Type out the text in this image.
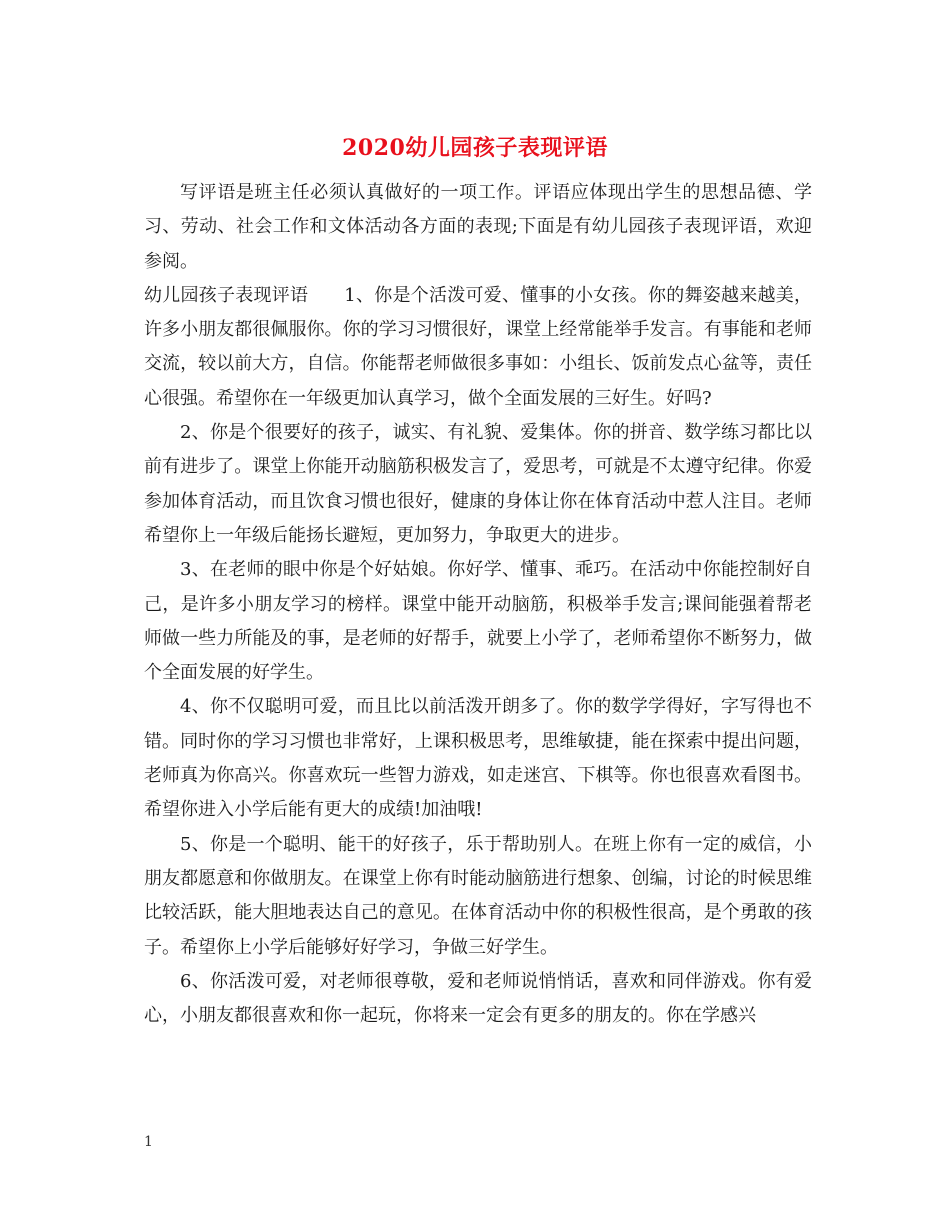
2020幼儿园孩子表现评语

写评语是班主任必须认真做好的一项工作。评语应体现出学生的思想品德、学习、劳动、社会工作和文体活动各方面的表现;下面是有幼儿园孩子表现评语，欢迎参阅。

幼儿园孩子表现评语 1、你是个活泼可爱、懂事的小女孩。你的舞姿越来越美，许多小朋友都很佩服你。你的学习习惯很好，课堂上经常能举手发言。有事能和老师交流，较以前大方，自信。你能帮老师做很多事如：小组长、饭前发点心盆等，责任心很强。希望你在一年级更加认真学习，做个全面发展的三好生。好吗?

2、你是个很要好的孩子，诚实、有礼貌、爱集体。你的拼音、数学练习都比以前有进步了。课堂上你能开动脑筋积极发言了，爱思考，可就是不太遵守纪律。你爱参加体育活动，而且饮食习惯也很好，健康的身体让你在体育活动中惹人注目。老师希望你上一年级后能扬长避短，更加努力，争取更大的进步。

3、在老师的眼中你是个好姑娘。你好学、懂事、乖巧。在活动中你能控制好自己，是许多小朋友学习的榜样。课堂中能开动脑筋，积极举手发言;课间能强着帮老师做一些力所能及的事，是老师的好帮手，就要上小学了，老师希望你不断努力，做个全面发展的好学生。

4、你不仅聪明可爱，而且比以前活泼开朗多了。你的数学学得好，字写得也不错。同时你的学习习惯也非常好，上课积极思考，思维敏捷，能在探索中提出问题，老师真为你高兴。你喜欢玩一些智力游戏，如走迷宫、下棋等。你也很喜欢看图书。希望你进入小学后能有更大的成绩!加油哦!

5、你是一个聪明、能干的好孩子，乐于帮助别人。在班上你有一定的威信，小朋友都愿意和你做朋友。在课堂上你有时能动脑筋进行想象、创编，讨论的时候思维比较活跃，能大胆地表达自己的意见。在体育活动中你的积极性很高，是个勇敢的孩子。希望你上小学后能够好好学习，争做三好学生。

6、你活泼可爱，对老师很尊敬，爱和老师说悄悄话，喜欢和同伴游戏。你有爱心，小朋友都很喜欢和你一起玩，你将来一定会有更多的朋友的。你在学感兴

1
